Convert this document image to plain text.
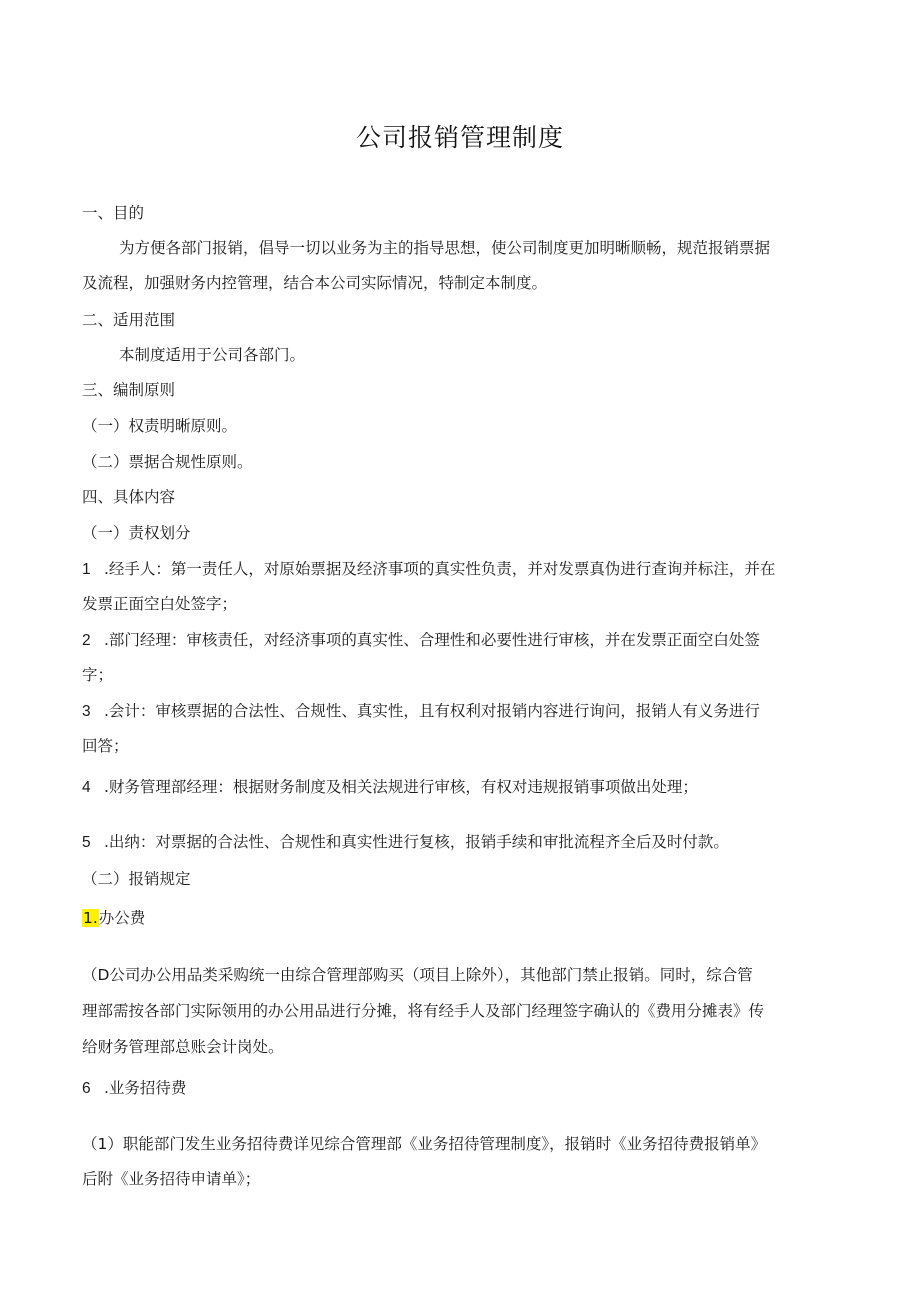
公司报销管理制度
一、目的
为方便各部门报销，倡导一切以业务为主的指导思想，使公司制度更加明晰顺畅，规范报销票据
及流程，加强财务内控管理，结合本公司实际情况，特制定本制度。
二、适用范围
本制度适用于公司各部门。
三、编制原则
（一）权责明晰原则。
（二）票据合规性原则。
四、具体内容
（一）责权划分
1 .经手人：第一责任人，对原始票据及经济事项的真实性负责，并对发票真伪进行查询并标注，并在
发票正面空白处签字；
2 .部门经理：审核责任，对经济事项的真实性、合理性和必要性进行审核，并在发票正面空白处签
字；
3 .会计：审核票据的合法性、合规性、真实性，且有权利对报销内容进行询问，报销人有义务进行
回答；
4 .财务管理部经理：根据财务制度及相关法规进行审核，有权对违规报销事项做出处理；
5 .出纳：对票据的合法性、合规性和真实性进行复核，报销手续和审批流程齐全后及时付款。
（二）报销规定
1.办公费
（D公司办公用品类采购统一由综合管理部购买（项目上除外），其他部门禁止报销。同时，综合管
理部需按各部门实际领用的办公用品进行分摊，将有经手人及部门经理签字确认的《费用分摊表》传
给财务管理部总账会计岗处。
6 .业务招待费
（1）职能部门发生业务招待费详见综合管理部《业务招待管理制度》，报销时《业务招待费报销单》
后附《业务招待申请单》；
